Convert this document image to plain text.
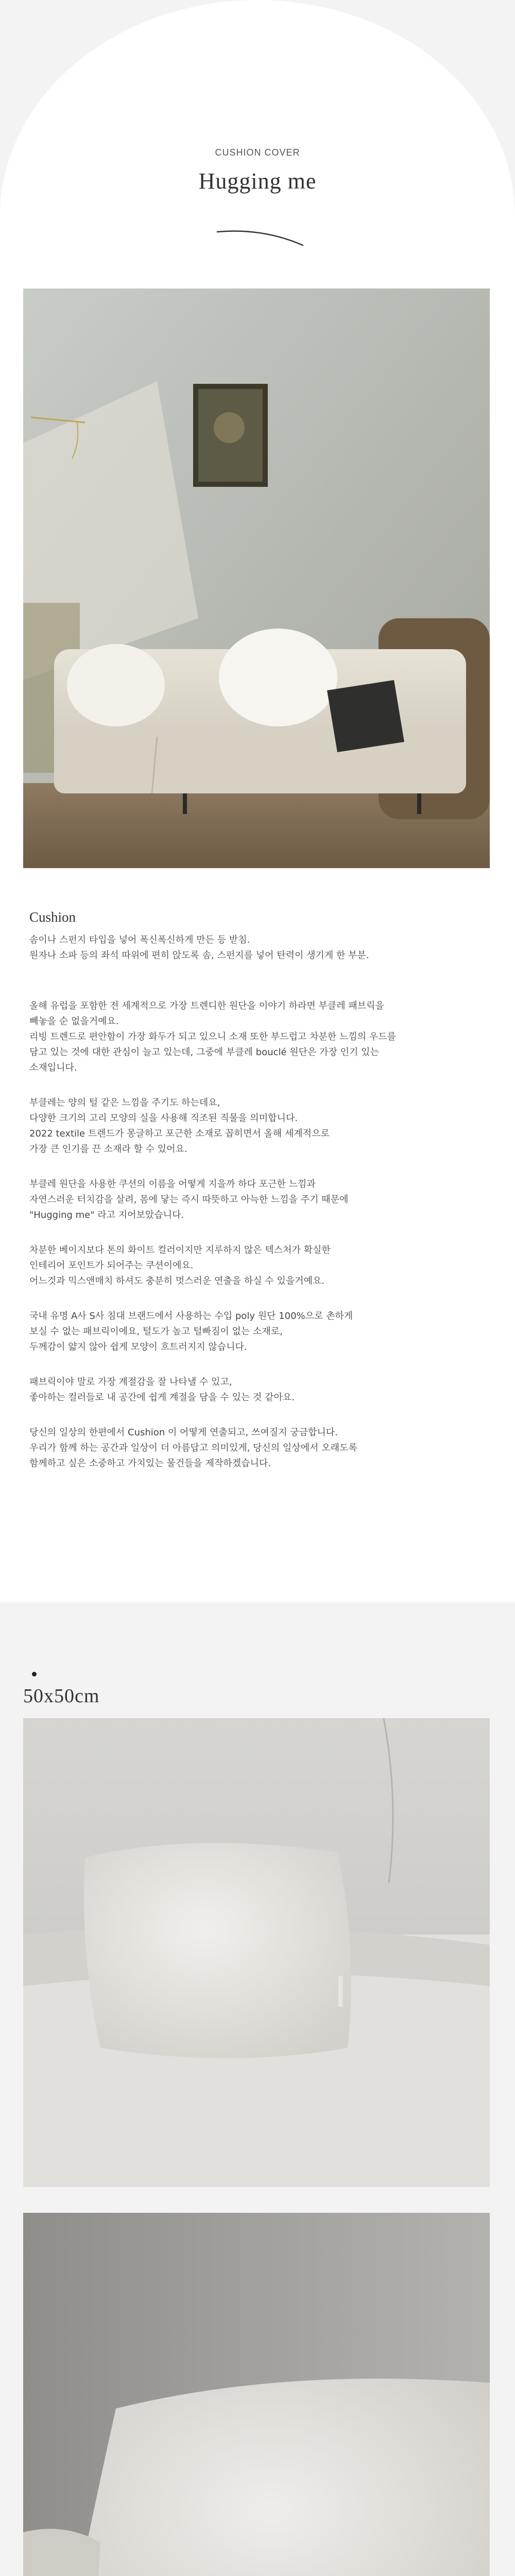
CUSHION COVER
Hugging me
Cushion

솜이나 스펀지 타입을 넣어 폭신폭신하게 만든 등 받침.
원자나 소파 등의 좌석 따위에 편히 앉도록 솜, 스펀지를 넣어 탄력이 생기게 한 부분.

올해 유럽을 포함한 전 세계적으로 가장 트렌디한 원단을 이야기 하라면 부클레 패브릭을
빼놓을 순 없을거예요.
리빙 트렌드로 편안함이 가장 화두가 되고 있으니 소재 또한 부드럽고 차분한 느낌의 우드를
담고 있는 것에 대한 관심이 늘고 있는데, 그중에 부클레 bouclé 원단은 가장 인기 있는
소재입니다.

부클레는 양의 털 같은 느낌을 주기도 하는데요,
다양한 크기의 고리 모양의 실을 사용해 직조된 직물을 의미합니다.
2022 textile 트렌드가 몽글하고 포근한 소재로 꼽히면서 올해 세계적으로
가장 큰 인기를 끈 소재라 할 수 있어요.

부클레 원단을 사용한 쿠션의 이름을 어떻게 지을까 하다 포근한 느낌과
자연스러운 터치감을 살려, 몸에 닿는 즉시 따뜻하고 아늑한 느낌을 주기 때문에
"Hugging me" 라고 지어보았습니다.

차분한 베이지보다 톤의 화이트 컬러이지만 지루하지 않은 텍스처가 확실한
인테리어 포인트가 되어주는 쿠션이에요.
어느것과 믹스앤매치 하셔도 충분히 멋스러운 연출을 하실 수 있을거예요.

국내 유명 A사 S사 침대 브랜드에서 사용하는 수입 poly 원단 100%으로 촌하게
보실 수 없는 패브릭이에요, 털도가 높고 털빠짐이 없는 소재로,
두께감이 얇지 않아 쉽게 모양이 흐트러지지 않습니다.

패브릭이야 말로 가장 계절감을 잘 나타낼 수 있고,
좋아하는 컬러들로 내 공간에 쉽게 계절을 담을 수 있는 것 같아요.

당신의 일상의 한편에서 Cushion 이 어떻게 연출되고, 쓰여질지 궁금합니다.
우리가 함께 하는 공간과 일상이 더 아름답고 의미있게, 당신의 일상에서 오래도록
함께하고 싶은 소중하고 가치있는 물건들을 제작하겠습니다.

50x50cm
